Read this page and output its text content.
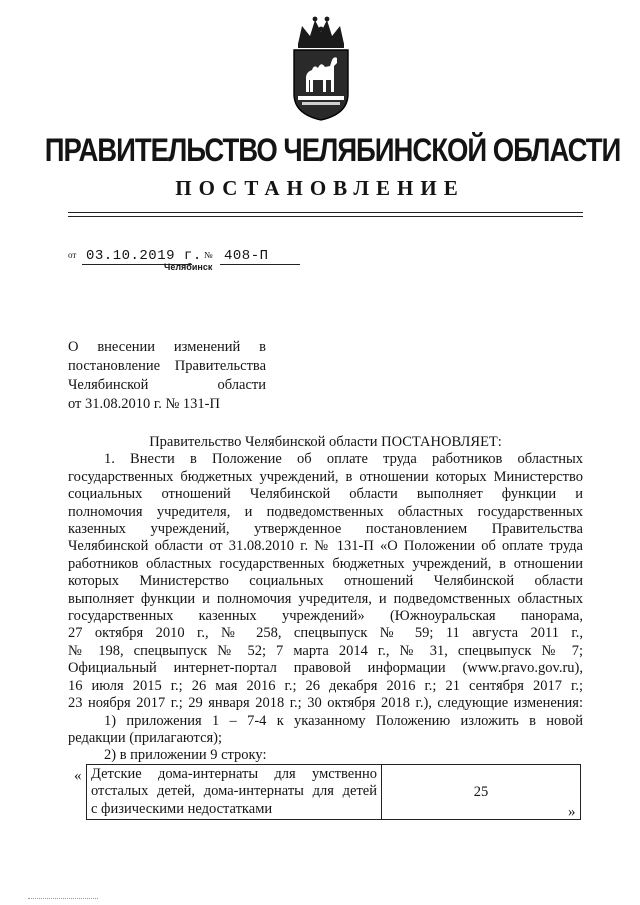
ПРАВИТЕЛЬСТВО ЧЕЛЯБИНСКОЙ ОБЛАСТИ
ПОСТАНОВЛЕНИЕ
от 03.10.2019 г. № 408-П
Челябинск
О внесении изменений в
постановление Правительства
Челябинской области
от 31.08.2010 г. № 131-П
Правительство Челябинской области ПОСТАНОВЛЯЕТ:
1. Внести в Положение об оплате труда работников областных
государственных бюджетных учреждений, в отношении которых Министерство
социальных отношений Челябинской области выполняет функции и
полномочия учредителя, и подведомственных областных государственных
казенных учреждений, утвержденное постановлением Правительства
Челябинской области от 31.08.2010 г. № 131-П «О Положении об оплате труда
работников областных государственных бюджетных учреждений, в отношении
которых Министерство социальных отношений Челябинской области
выполняет функции и полномочия учредителя, и подведомственных областных
государственных казенных учреждений» (Южноуральская панорама,
27 октября 2010 г., № 258, спецвыпуск № 59; 11 августа 2011 г.,
№ 198, спецвыпуск № 52; 7 марта 2014 г., № 31, спецвыпуск № 7;
Официальный интернет-портал правовой информации (www.pravo.gov.ru),
16 июля 2015 г.; 26 мая 2016 г.; 26 декабря 2016 г.; 21 сентября 2017 г.;
23 ноября 2017 г.; 29 января 2018 г.; 30 октября 2018 г.), следующие изменения:
1) приложения 1 – 7-4 к указанному Положению изложить в новой
редакции (прилагаются);
2) в приложении 9 строку:
« Детские дома-интернаты для умственно
отсталых детей, дома-интернаты для детей
с физическими недостатками
	25
»
